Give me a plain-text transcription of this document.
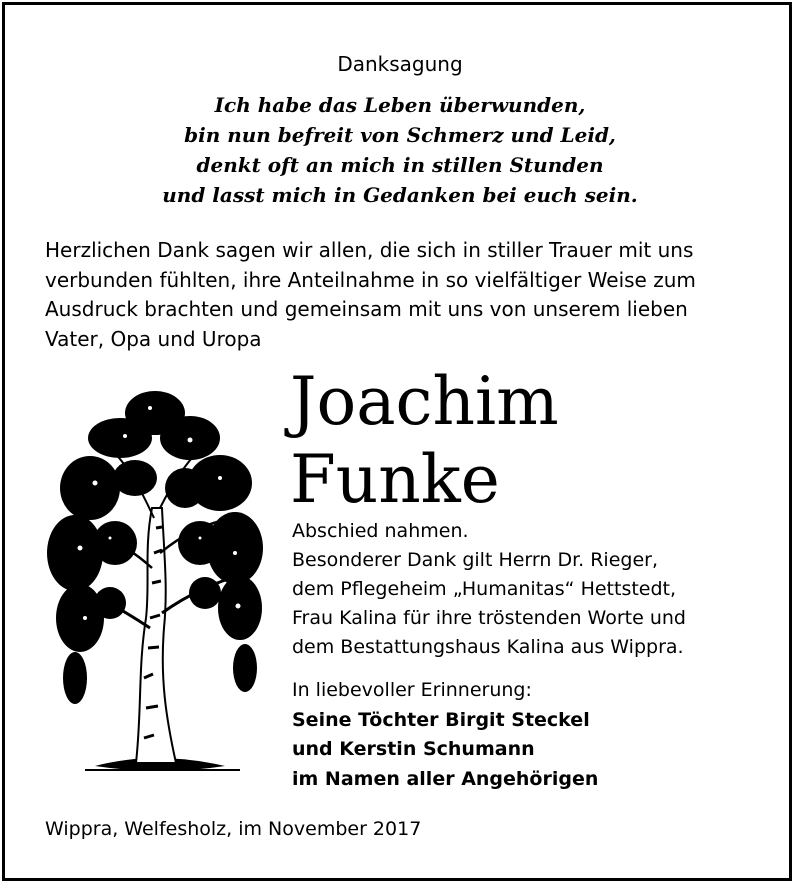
Danksagung
Ich habe das Leben überwunden,
bin nun befreit von Schmerz und Leid,
denkt oft an mich in stillen Stunden
und lasst mich in Gedanken bei euch sein.
Herzlichen Dank sagen wir allen, die sich in stiller Trauer mit uns
verbunden fühlten, ihre Anteilnahme in so vielfältiger Weise zum
Ausdruck brachten und gemeinsam mit uns von unserem lieben
Vater, Opa und Uropa
Joachim
Funke
Abschied nahmen.
Besonderer Dank gilt Herrn Dr. Rieger,
dem Pflegeheim „Humanitas“ Hettstedt,
Frau Kalina für ihre tröstenden Worte und
dem Bestattungshaus Kalina aus Wippra.
In liebevoller Erinnerung:
Seine Töchter Birgit Steckel
und Kerstin Schumann
im Namen aller Angehörigen
Wippra, Welfesholz, im November 2017
